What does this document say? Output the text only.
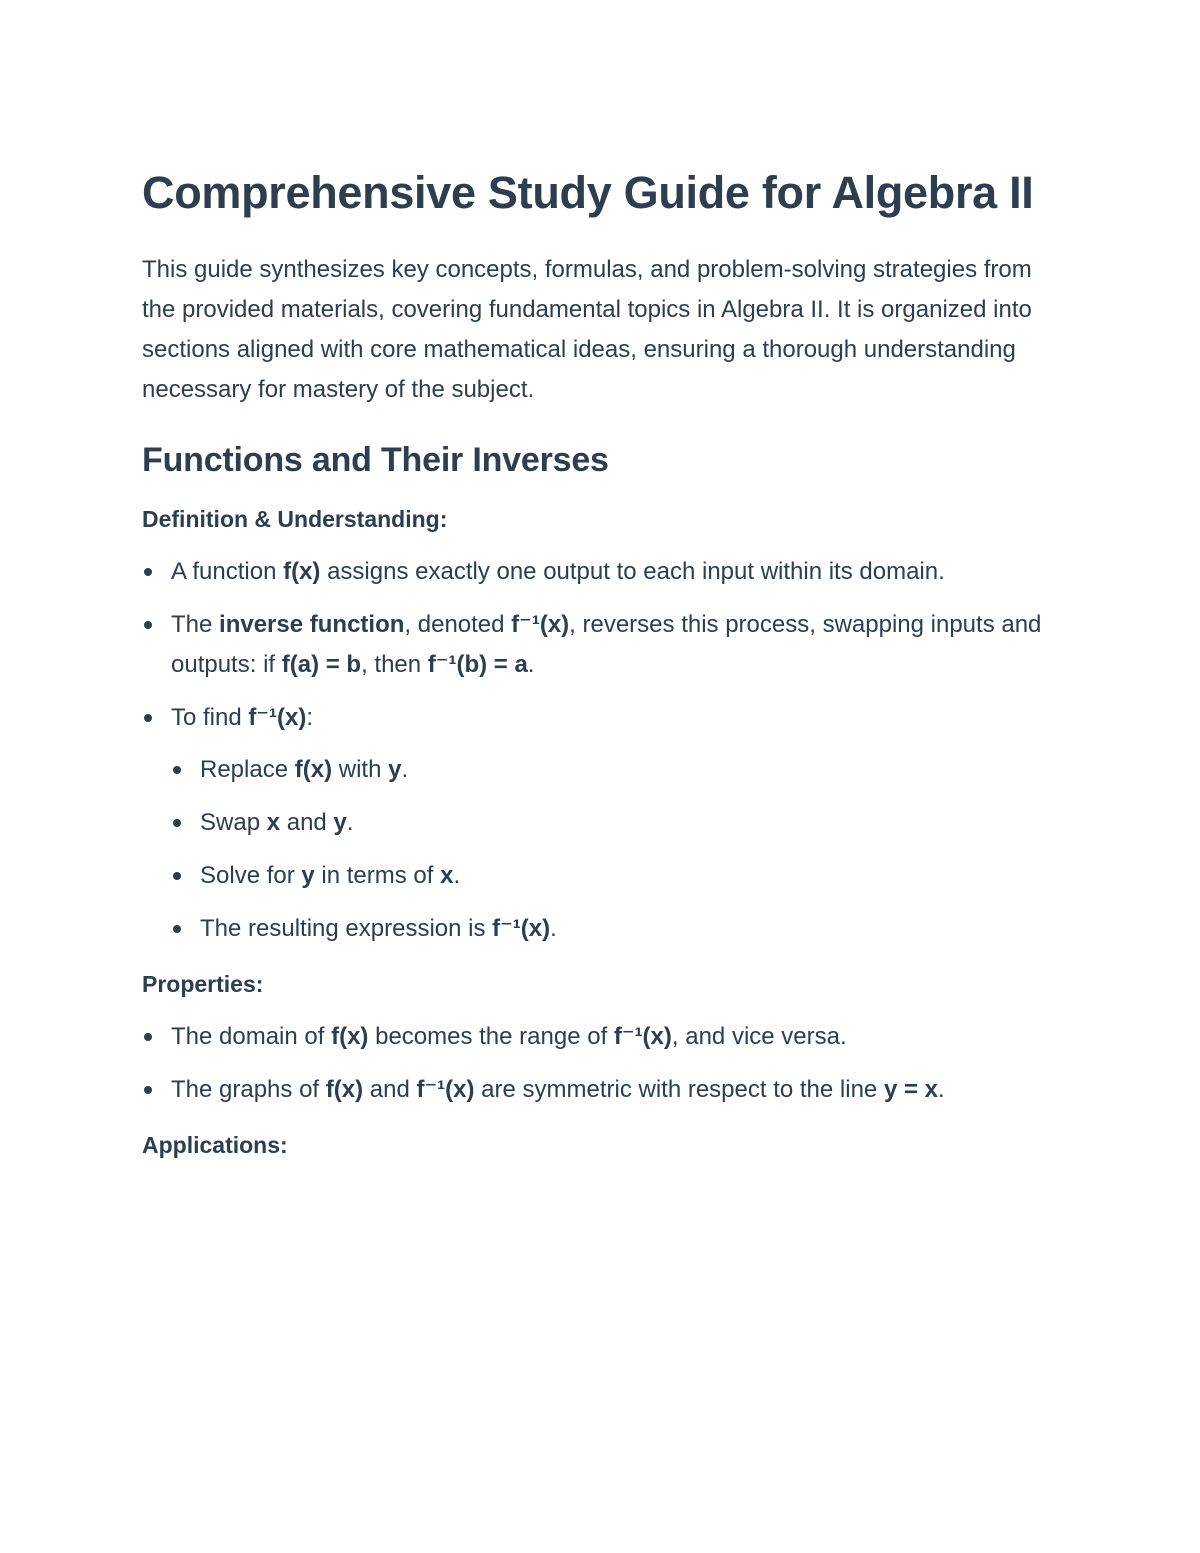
Comprehensive Study Guide for Algebra II

This guide synthesizes key concepts, formulas, and problem-solving strategies from the provided materials, covering fundamental topics in Algebra II. It is organized into sections aligned with core mathematical ideas, ensuring a thorough understanding necessary for mastery of the subject.

Functions and Their Inverses
Definition & Understanding:
A function f(x) assigns exactly one output to each input within its domain.
The inverse function, denoted f⁻¹(x), reverses this process, swapping inputs and outputs: if f(a) = b, then f⁻¹(b) = a.
To find f⁻¹(x):
Replace f(x) with y.
Swap x and y.
Solve for y in terms of x.
The resulting expression is f⁻¹(x).
Properties:
The domain of f(x) becomes the range of f⁻¹(x), and vice versa.
The graphs of f(x) and f⁻¹(x) are symmetric with respect to the line y = x.
Applications:
